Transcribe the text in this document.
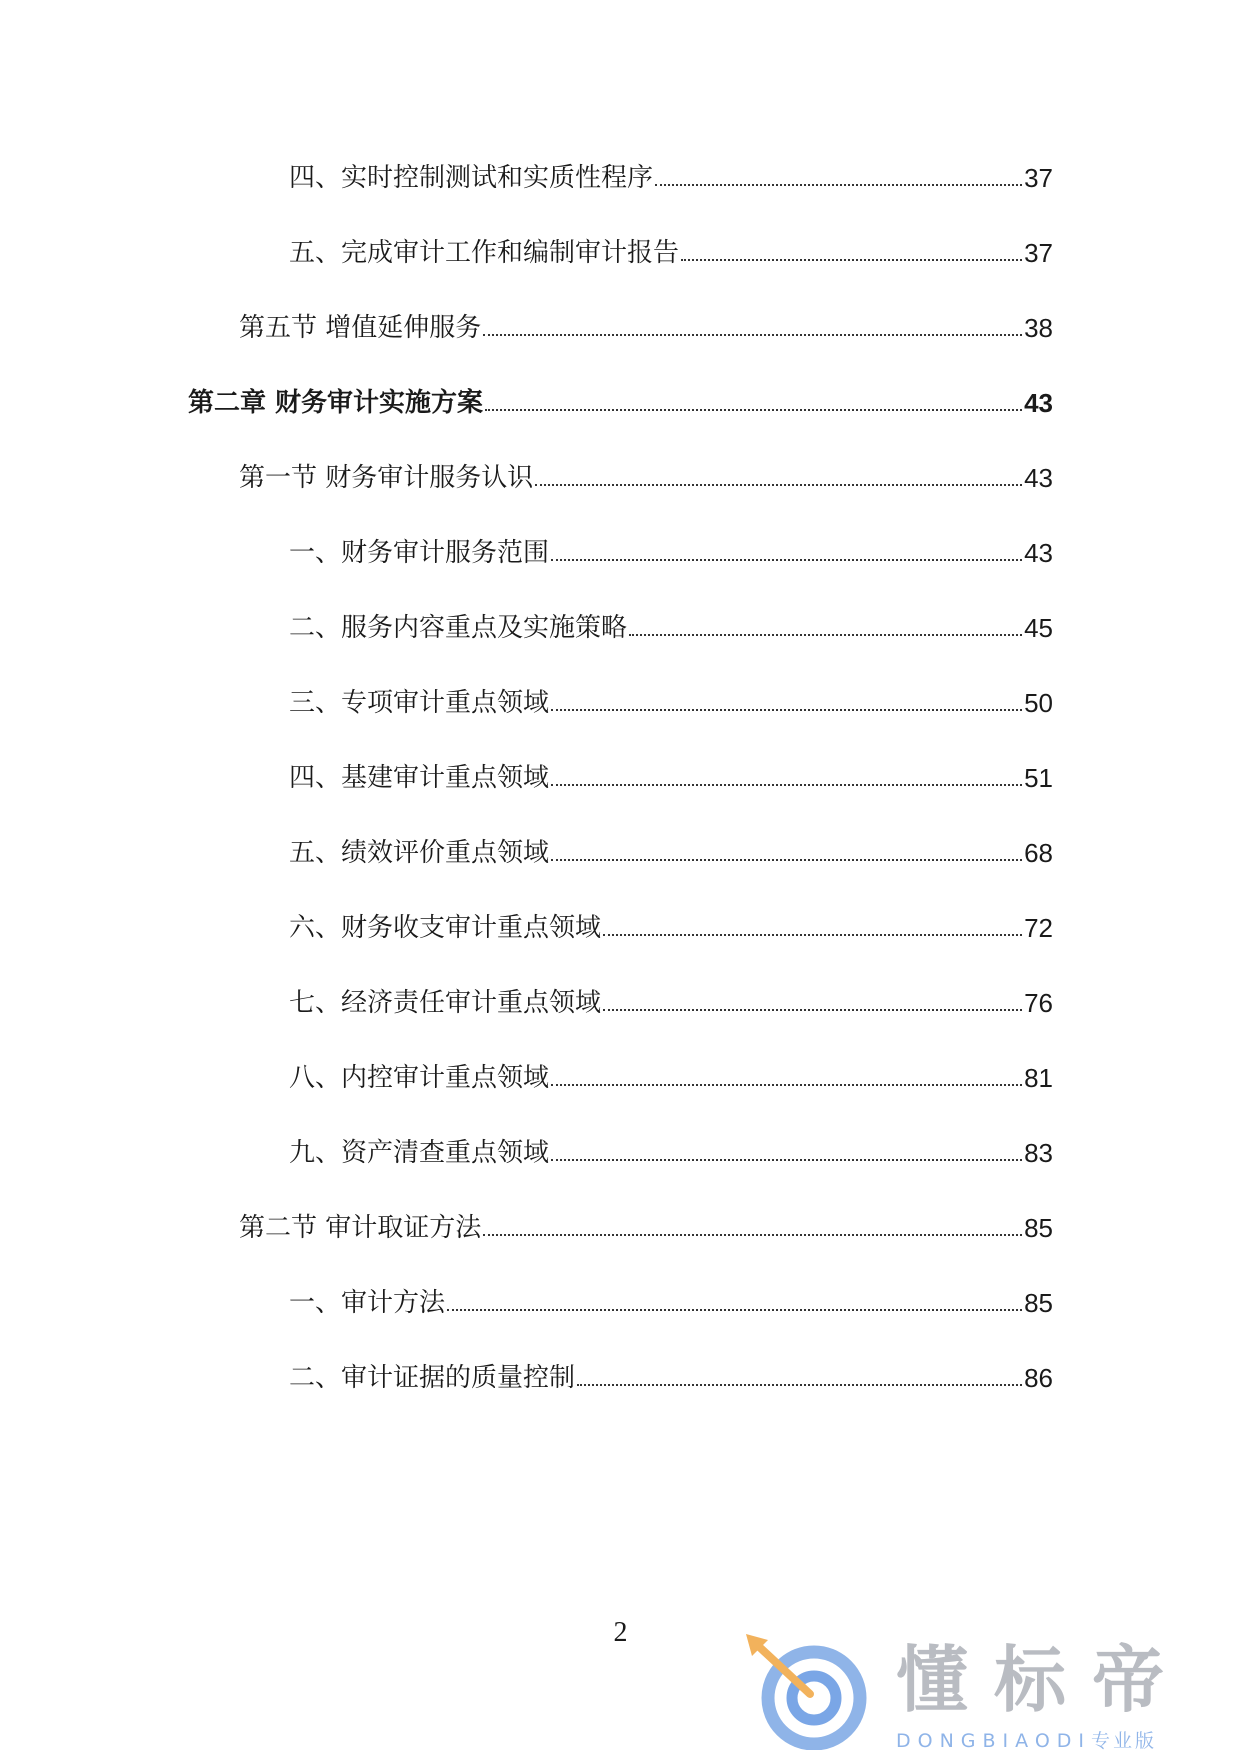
四、实时控制测试和实质性程序	37
五、完成审计工作和编制审计报告	37
第五节 增值延伸服务	38
第二章 财务审计实施方案	43
第一节 财务审计服务认识	43
一、财务审计服务范围	43
二、服务内容重点及实施策略	45
三、专项审计重点领域	50
四、基建审计重点领域	51
五、绩效评价重点领域	68
六、财务收支审计重点领域	72
七、经济责任审计重点领域	76
八、内控审计重点领域	81
九、资产清查重点领域	83
第二节 审计取证方法	85
一、审计方法	85
二、审计证据的质量控制	86
2
懂标帝
DONGBIAODI专业版
